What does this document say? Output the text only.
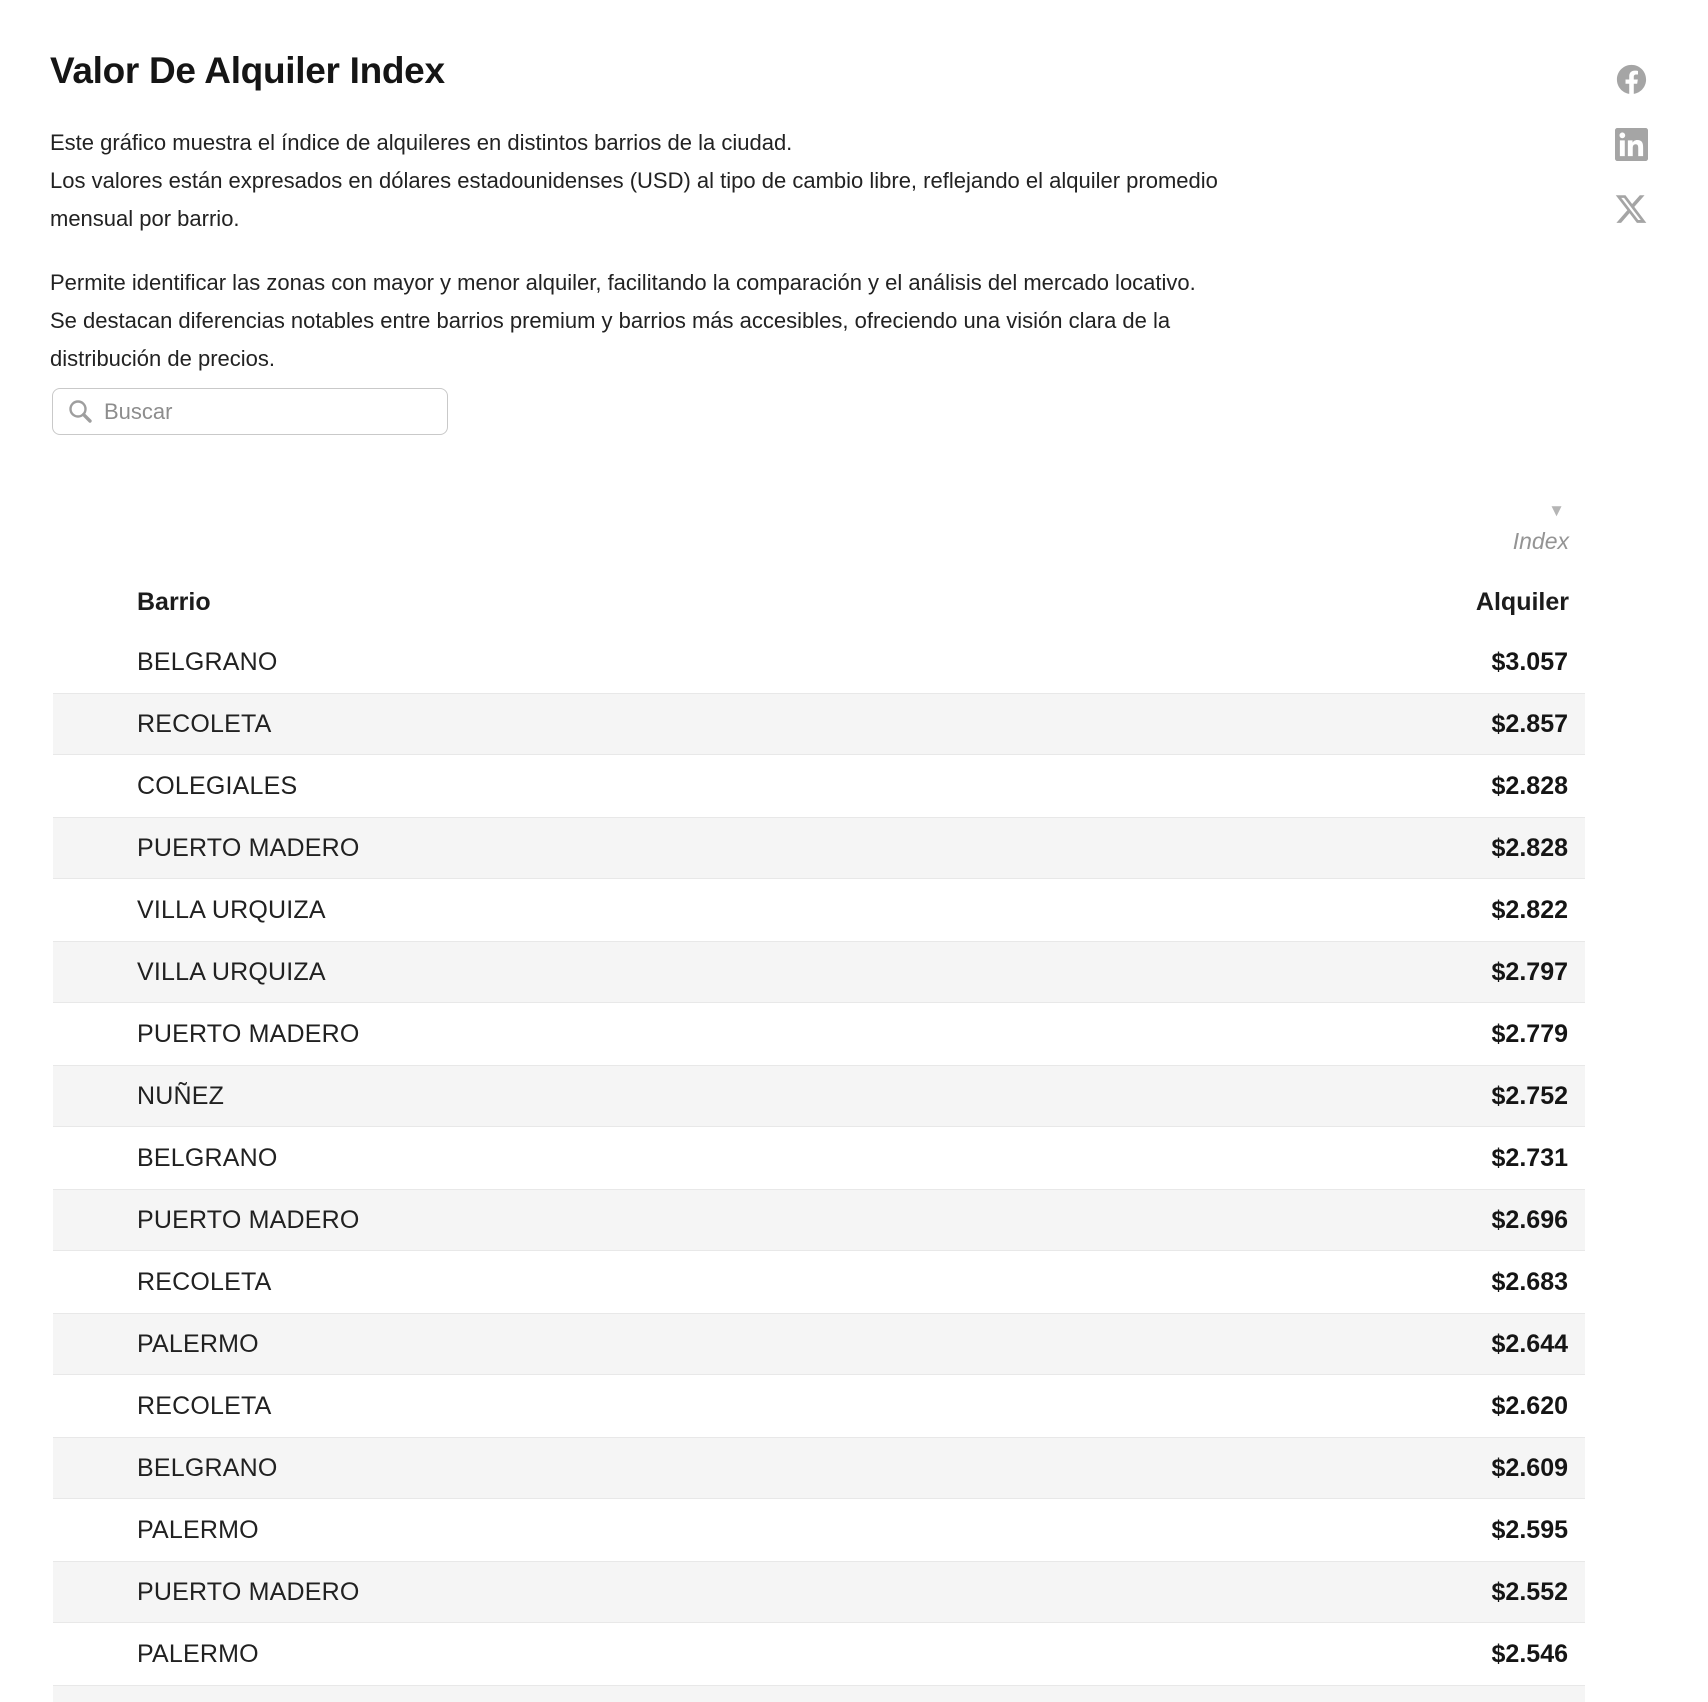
Valor De Alquiler Index
Este gráfico muestra el índice de alquileres en distintos barrios de la ciudad.
Los valores están expresados en dólares estadounidenses (USD) al tipo de cambio libre, reflejando el alquiler promedio
mensual por barrio.
Permite identificar las zonas con mayor y menor alquiler, facilitando la comparación y el análisis del mercado locativo.
Se destacan diferencias notables entre barrios premium y barrios más accesibles, ofreciendo una visión clara de la
distribución de precios.
Buscar
▼
Index
Barrio	Alquiler
BELGRANO	$3.057
RECOLETA	$2.857
COLEGIALES	$2.828
PUERTO MADERO	$2.828
VILLA URQUIZA	$2.822
VILLA URQUIZA	$2.797
PUERTO MADERO	$2.779
NUÑEZ	$2.752
BELGRANO	$2.731
PUERTO MADERO	$2.696
RECOLETA	$2.683
PALERMO	$2.644
RECOLETA	$2.620
BELGRANO	$2.609
PALERMO	$2.595
PUERTO MADERO	$2.552
PALERMO	$2.546
